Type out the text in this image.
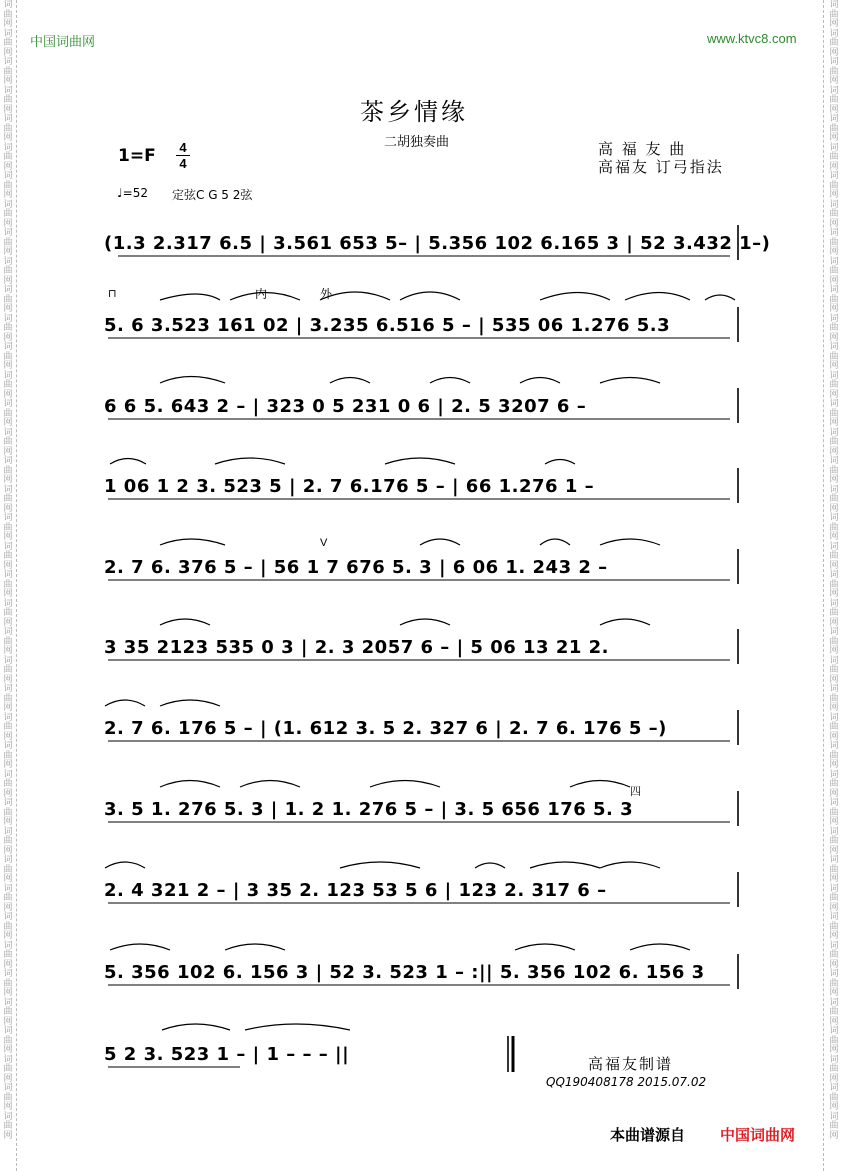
词曲网词曲网词曲网词曲网词曲网词曲网词曲网词曲网词曲网词曲网词曲网词曲网词曲网词曲网词曲网词曲网词曲网词曲网词曲网词曲网词曲网词曲网词曲网词曲网词曲网词曲网词曲网词曲网词曲网词曲网词曲网词曲网词曲网词曲网词曲网词曲网词曲网词曲网词曲网词曲网
词曲网词曲网词曲网词曲网词曲网词曲网词曲网词曲网词曲网词曲网词曲网词曲网词曲网词曲网词曲网词曲网词曲网词曲网词曲网词曲网词曲网词曲网词曲网词曲网词曲网词曲网词曲网词曲网词曲网词曲网词曲网词曲网词曲网词曲网词曲网词曲网词曲网词曲网词曲网词曲网
中国词曲网	www.ktvc8.com
茶乡情缘
二胡独奏曲	高 福 友 曲
高福友 订弓指法
1=F 4
4
♩=52 定弦C G 5 2弦
(1.3 2.317 6.5 | 3.561 653 5– | 5.356 102 6.165 3 | 52 3.432 1–)
5. 6 3.523 161 02 | 3.235 6.516 5 – | 535 06 1.276 5.3
6 6 5. 643 2 – | 323 0 5 231 0 6 | 2. 5 3207 6 –
1 06 1 2 3. 523 5 | 2. 7 6.176 5 – | 66 1.276 1 –
2. 7 6. 376 5 – | 56 1 7 676 5. 3 | 6 06 1. 243 2 –
3 35 2123 535 0 3 | 2. 3 2057 6 – | 5 06 13 21 2.
2. 7 6. 176 5 – | (1. 612 3. 5 2. 327 6 | 2. 7 6. 176 5 –)
3. 5 1. 276 5. 3 | 1. 2 1. 276 5 – | 3. 5 656 176 5. 3
2. 4 321 2 – | 3 35 2. 123 53 5 6 | 123 2. 317 6 –
5. 356 102 6. 156 3 | 52 3. 523 1 – :|| 5. 356 102 6. 156 3
5 2 3. 523 1 – | 1 – – – ||
内	外
⊓
V
四
高福友制谱
QQ190408178 2015.07.02
本曲谱源自 中国词曲网
